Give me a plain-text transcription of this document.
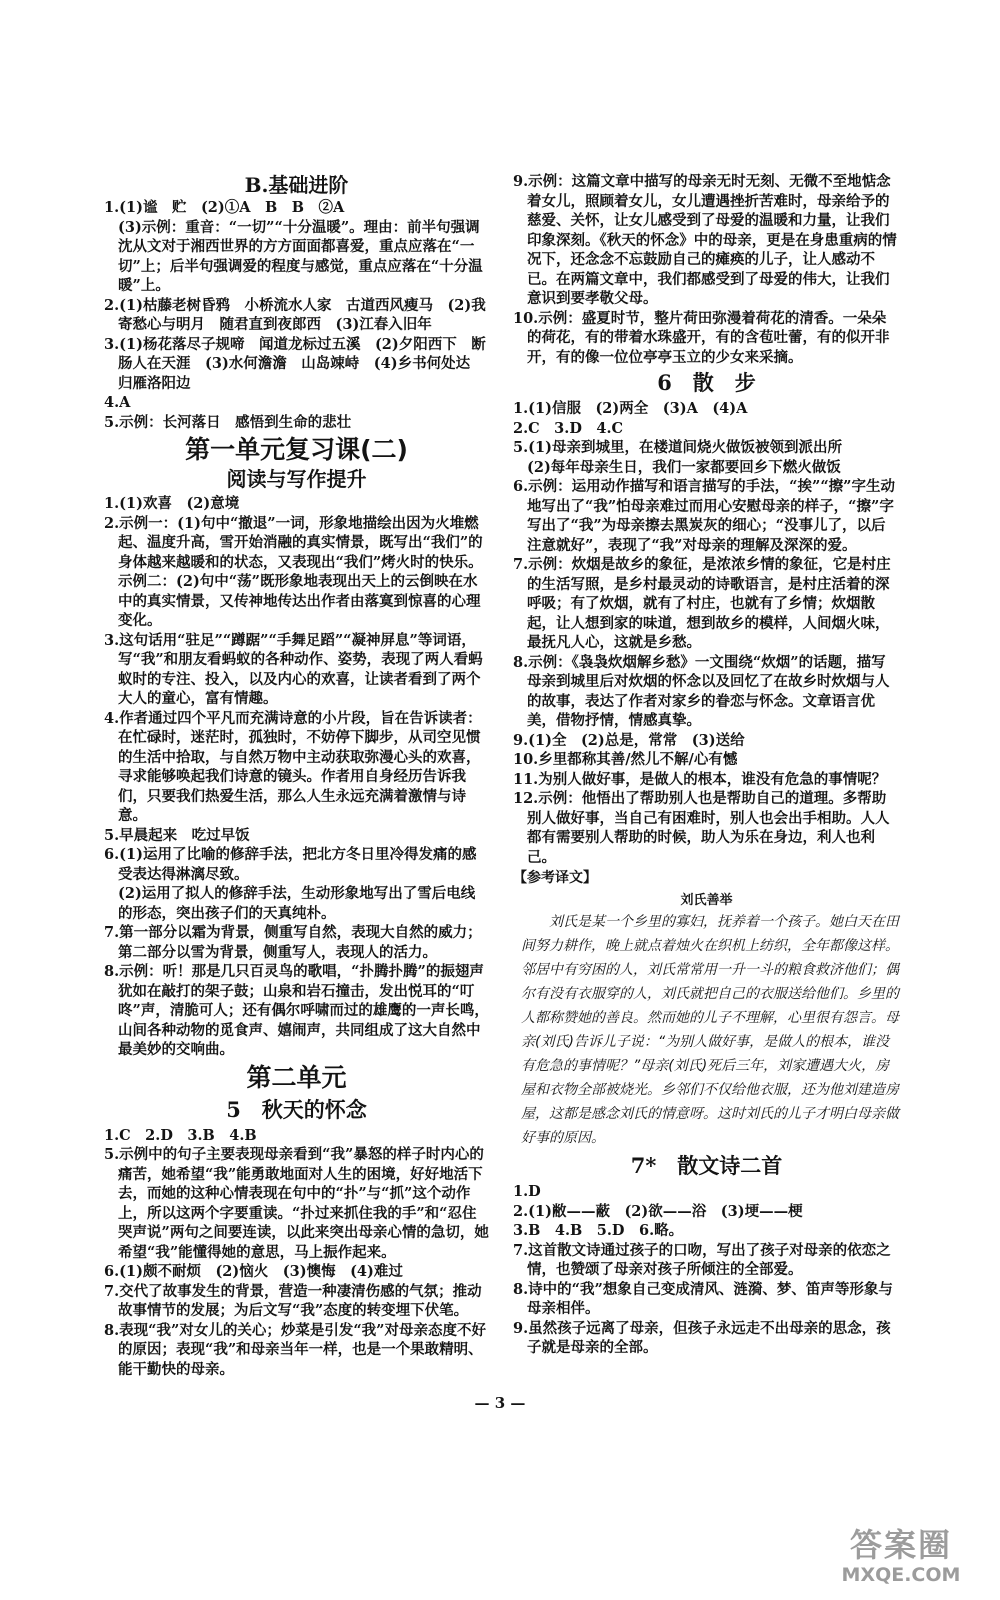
B.基础进阶

1.(1)谧　贮　(2)①A　B　B　②A

(3)示例：重音：“一切”“十分温暖”。理由：前半句强调沈从文对于湘西世界的方方面面都喜爱，重点应落在“一切”上；后半句强调爱的程度与感觉，重点应落在“十分温暖”上。

2.(1)枯藤老树昏鸦　小桥流水人家　古道西风瘦马　(2)我寄愁心与明月　随君直到夜郎西　(3)江春入旧年

3.(1)杨花落尽子规啼　闻道龙标过五溪　(2)夕阳西下　断肠人在天涯　(3)水何澹澹　山岛竦峙　(4)乡书何处达　归雁洛阳边

4.A

5.示例：长河落日　感悟到生命的悲壮

第一单元复习课(二)
阅读与写作提升

1.(1)欢喜　(2)意境

2.示例一：(1)句中“撤退”一词，形象地描绘出因为火堆燃起、温度升高，雪开始消融的真实情景，既写出“我们”的身体越来越暖和的状态，又表现出“我们”烤火时的快乐。

示例二：(2)句中“荡”既形象地表现出天上的云倒映在水中的真实情景，又传神地传达出作者由落寞到惊喜的心理变化。

3.这句话用“驻足”“蹲踞”“手舞足蹈”“凝神屏息”等词语，写“我”和朋友看蚂蚁的各种动作、姿势，表现了两人看蚂蚁时的专注、投入，以及内心的欢喜，让读者看到了两个大人的童心，富有情趣。

4.作者通过四个平凡而充满诗意的小片段，旨在告诉读者：在忙碌时，迷茫时，孤独时，不妨停下脚步，从司空见惯的生活中拾取，与自然万物中主动获取弥漫心头的欢喜，寻求能够唤起我们诗意的镜头。作者用自身经历告诉我们，只要我们热爱生活，那么人生永远充满着激情与诗意。

5.早晨起来　吃过早饭

6.(1)运用了比喻的修辞手法，把北方冬日里冷得发痛的感受表达得淋漓尽致。

(2)运用了拟人的修辞手法，生动形象地写出了雪后电线的形态，突出孩子们的天真纯朴。

7.第一部分以霜为背景，侧重写自然，表现大自然的威力；第二部分以雪为背景，侧重写人，表现人的活力。

8.示例：听！那是几只百灵鸟的歌唱，“扑腾扑腾”的振翅声犹如在敲打的架子鼓；山泉和岩石撞击，发出悦耳的“叮咚”声，清脆可人；还有偶尔呼啸而过的雄鹰的一声长鸣，山间各种动物的觅食声、嬉闹声，共同组成了这大自然中最美妙的交响曲。

第二单元
5　秋天的怀念

1.C　2.D　3.B　4.B

5.示例中的句子主要表现母亲看到“我”暴怒的样子时内心的痛苦，她希望“我”能勇敢地面对人生的困境，好好地活下去，而她的这种心情表现在句中的“扑”与“抓”这个动作上，所以这两个字要重读。“扑过来抓住我的手”和“忍住哭声说”两句之间要连读，以此来突出母亲心情的急切，她希望“我”能懂得她的意思，马上振作起来。

6.(1)颇不耐烦　(2)恼火　(3)懊悔　(4)难过

7.交代了故事发生的背景，营造一种凄清伤感的气氛；推动故事情节的发展；为后文写“我”态度的转变埋下伏笔。

8.表现“我”对女儿的关心；炒菜是引发“我”对母亲态度不好的原因；表现“我”和母亲当年一样，也是一个果敢精明、能干勤快的母亲。

9.示例：这篇文章中描写的母亲无时无刻、无微不至地惦念着女儿，照顾着女儿，女儿遭遇挫折苦难时，母亲给予的慈爱、关怀，让女儿感受到了母爱的温暖和力量，让我们印象深刻。《秋天的怀念》中的母亲，更是在身患重病的情况下，还念念不忘鼓励自己的瘫痪的儿子，让人感动不已。在两篇文章中，我们都感受到了母爱的伟大，让我们意识到要孝敬父母。

10.示例：盛夏时节，整片荷田弥漫着荷花的清香。一朵朵的荷花，有的带着水珠盛开，有的含苞吐蕾，有的似开非开，有的像一位位亭亭玉立的少女来采摘。

6　散　步

1.(1)信服　(2)两全　(3)A　(4)A

2.C　3.D　4.C

5.(1)母亲到城里，在楼道间烧火做饭被领到派出所

(2)每年母亲生日，我们一家都要回乡下燃火做饭

6.示例：运用动作描写和语言描写的手法，“挨”“擦”字生动地写出了“我”怕母亲难过而用心安慰母亲的样子，“擦”字写出了“我”为母亲擦去黑炭灰的细心；“没事儿了，以后注意就好”，表现了“我”对母亲的理解及深深的爱。

7.示例：炊烟是故乡的象征，是浓浓乡情的象征，它是村庄的生活写照，是乡村最灵动的诗歌语言，是村庄活着的深呼吸；有了炊烟，就有了村庄，也就有了乡情；炊烟散起，让人想到家的味道，想到故乡的模样，人间烟火味，最抚凡人心，这就是乡愁。

8.示例：《袅袅炊烟解乡愁》一文围绕“炊烟”的话题，描写母亲到城里后对炊烟的怀念以及回忆了在故乡时炊烟与人的故事，表达了作者对家乡的眷恋与怀念。文章语言优美，借物抒情，情感真挚。

9.(1)全　(2)总是，常常　(3)送给

10.乡里都称其善/然儿不解/心有憾

11.为别人做好事，是做人的根本，谁没有危急的事情呢？

12.示例：他悟出了帮助别人也是帮助自己的道理。多帮助别人做好事，当自己有困难时，别人也会出手相助。人人都有需要别人帮助的时候，助人为乐在身边，利人也利己。

【参考译文】
刘氏善举

刘氏是某一个乡里的寡妇，抚养着一个孩子。她白天在田间努力耕作，晚上就点着烛火在织机上纺织，全年都像这样。邻居中有穷困的人，刘氏常常用一升一斗的粮食救济他们；偶尔有没有衣服穿的人，刘氏就把自己的衣服送给他们。乡里的人都称赞她的善良。然而她的儿子不理解，心里很有怨言。母亲(刘氏)告诉儿子说：“为别人做好事，是做人的根本，谁没有危急的事情呢？”母亲(刘氏)死后三年，刘家遭遇大火，房屋和衣物全部被烧光。乡邻们不仅给他衣服，还为他刘建造房屋，这都是感念刘氏的情意呀。这时刘氏的儿子才明白母亲做好事的原因。

7*　散文诗二首

1.D

2.(1)敝——蔽　(2)欲——浴　(3)埂——梗

3.B　4.B　5.D　6.略。

7.这首散文诗通过孩子的口吻，写出了孩子对母亲的依恋之情，也赞颂了母亲对孩子所倾注的全部爱。

8.诗中的“我”想象自己变成清风、涟漪、梦、笛声等形象与母亲相伴。

9.虽然孩子远离了母亲，但孩子永远走不出母亲的思念，孩子就是母亲的全部。

— 3 —
答案圈
MXQE.COM
